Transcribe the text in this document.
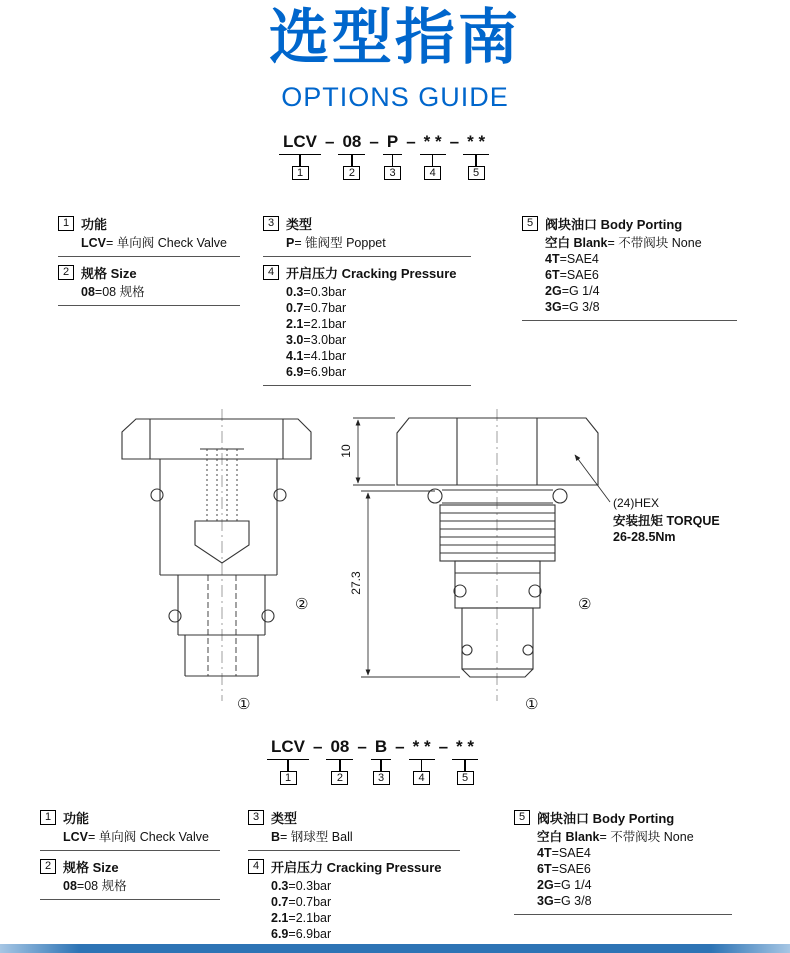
选型指南
OPTIONS GUIDE
LCV
1
– 08
2
– P
3
– * *
4
– * *
5
1 功能
LCV= 单向阀 Check Valve
2 规格 Size
08=08 规格
3 类型
P= 锥阀型 Poppet
4 开启压力 Cracking Pressure
0.3=0.3bar
0.7=0.7bar
2.1=2.1bar
3.0=3.0bar
4.1=4.1bar
6.9=6.9bar
5 阀块油口 Body Porting
空白 Blank= 不带阀块 None
4T=SAE4
6T=SAE6
2G=G 1/4
3G=G 3/8
10
27.3
(24)HEX
安装扭矩 TORQUE
26-28.5Nm
②
①
②
①
LCV
1
– 08
2
– B
3
– * *
4
– * *
5
1 功能
LCV= 单向阀 Check Valve
2 规格 Size
08=08 规格
3 类型
B= 钢球型 Ball
4 开启压力 Cracking Pressure
0.3=0.3bar
0.7=0.7bar
2.1=2.1bar
6.9=6.9bar
5 阀块油口 Body Porting
空白 Blank= 不带阀块 None
4T=SAE4
6T=SAE6
2G=G 1/4
3G=G 3/8
